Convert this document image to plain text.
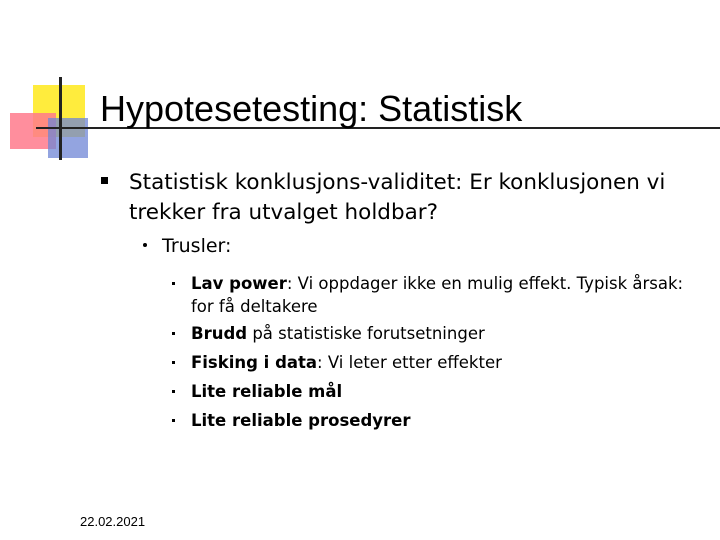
Hypotesetesting: Statistisk
Statistisk konklusjons-validitet: Er konklusjonen vi trekker fra utvalget holdbar?
Trusler:
Lav power: Vi oppdager ikke en mulig effekt. Typisk årsak: for få deltakere
Brudd på statistiske forutsetninger
Fisking i data: Vi leter etter effekter
Lite reliable mål
Lite reliable prosedyrer
22.02.2021
